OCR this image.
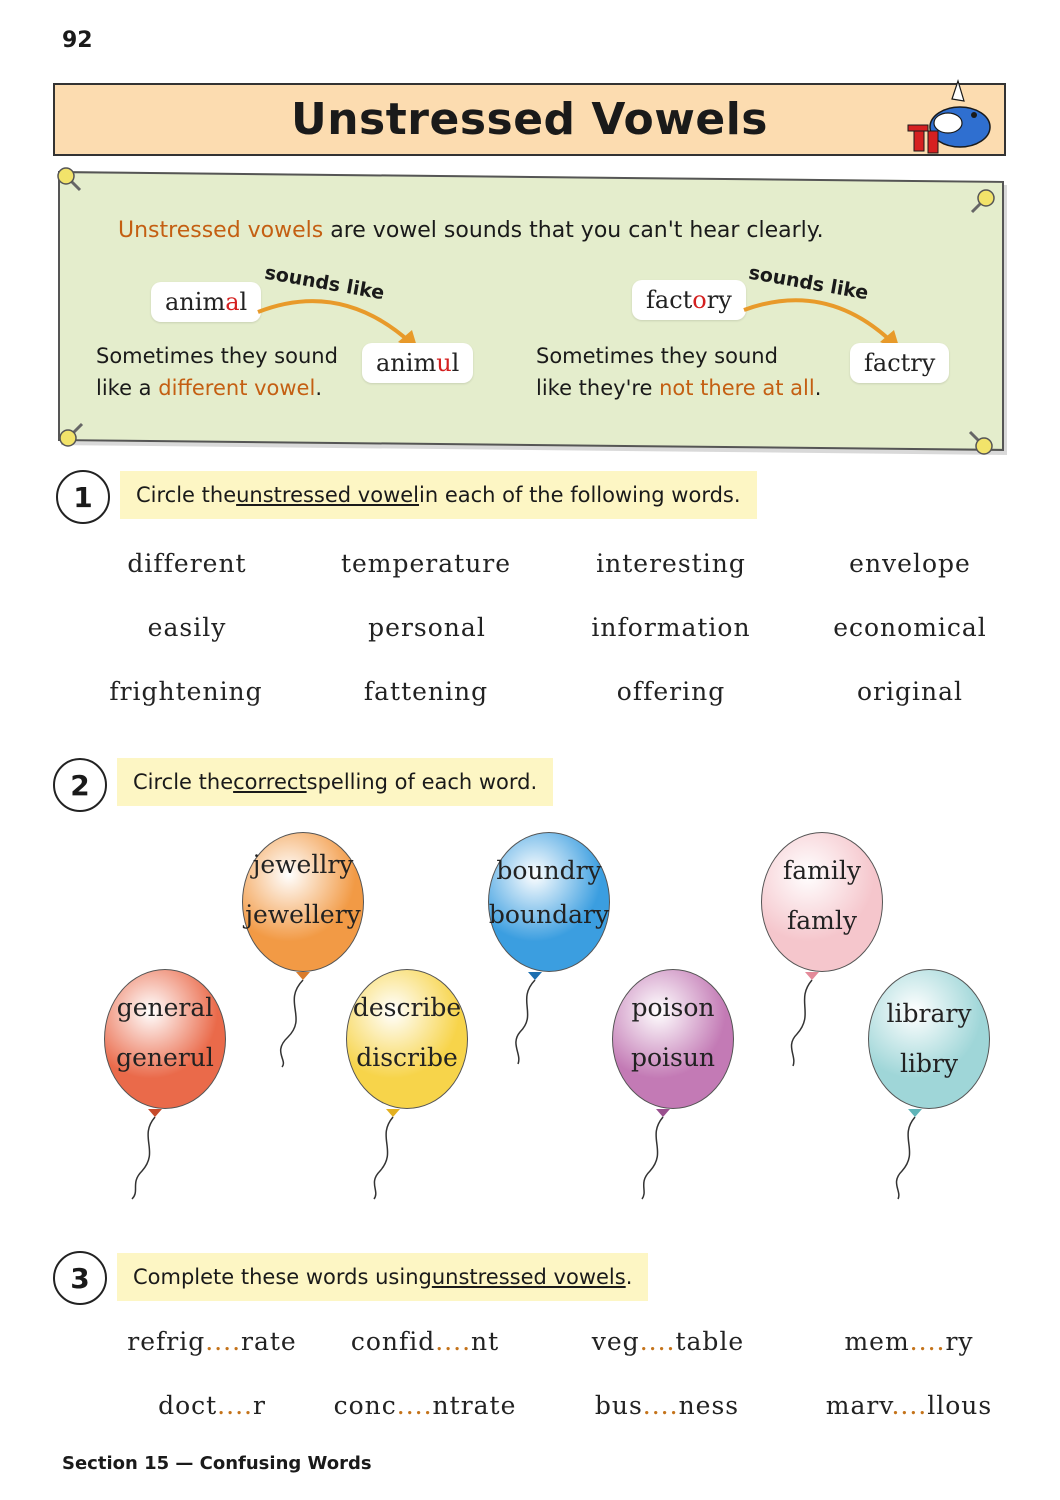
92
Unstressed Vowels
Unstressed vowels are vowel sounds that you can't hear clearly.
animal sounds like
animul
Sometimes they sound
like a different vowel.
factory sounds like
factry
Sometimes they sound
like they're not there at all.
1	Circle the unstressed vowel in each of the following words.
different	temperature	interesting	envelope
easily	personal	information	economical
frightening	fattening	offering	original
2	Circle the correct spelling of each word.
jewellry
jewellery
boundry
boundary
family
famly
general
generul
describe
discribe
poison
poisun
library
libry
3	Complete these words using unstressed vowels .
refrig....rate confid....nt	veg....table	mem....ry
doct....r	conc....ntrate	bus....ness	marv....llous
Section 15 — Confusing Words
